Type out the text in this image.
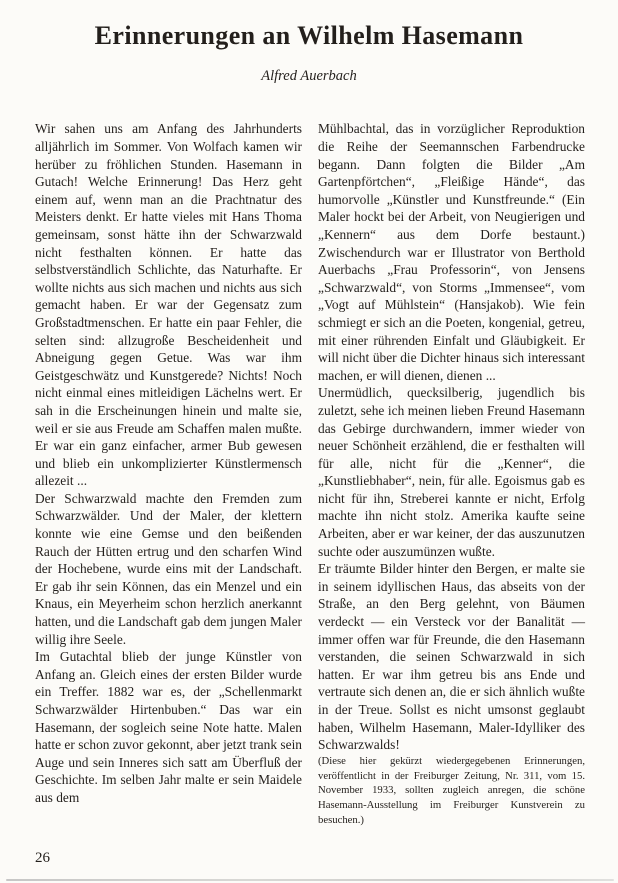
Erinnerungen an Wilhelm Hasemann
Alfred Auerbach

Wir sahen uns am Anfang des Jahrhunderts alljährlich im Sommer. Von Wolfach kamen wir herüber zu fröhlichen Stunden. Hasemann in Gutach! Welche Erinnerung! Das Herz geht einem auf, wenn man an die Prachtnatur des Meisters denkt. Er hatte vieles mit Hans Thoma gemeinsam, sonst hätte ihn der Schwarzwald nicht festhalten können. Er hatte das selbstverständlich Schlichte, das Naturhafte. Er wollte nichts aus sich machen und nichts aus sich gemacht haben. Er war der Gegensatz zum Großstadtmenschen. Er hatte ein paar Fehler, die selten sind: allzugroße Bescheidenheit und Abneigung gegen Getue. Was war ihm Geistgeschwätz und Kunstgerede? Nichts! Noch nicht einmal eines mitleidigen Lächelns wert. Er sah in die Erscheinungen hinein und malte sie, weil er sie aus Freude am Schaffen malen mußte. Er war ein ganz einfacher, armer Bub gewesen und blieb ein unkomplizierter Künstlermensch allezeit ...

Der Schwarzwald machte den Fremden zum Schwarzwälder. Und der Maler, der klettern konnte wie eine Gemse und den beißenden Rauch der Hütten ertrug und den scharfen Wind der Hochebene, wurde eins mit der Landschaft. Er gab ihr sein Können, das ein Menzel und ein Knaus, ein Meyerheim schon herzlich anerkannt hatten, und die Landschaft gab dem jungen Maler willig ihre Seele.

Im Gutachtal blieb der junge Künstler von Anfang an. Gleich eines der ersten Bilder wurde ein Treffer. 1882 war es, der „Schellenmarkt Schwarzwälder Hirtenbuben.“ Das war ein Hasemann, der sogleich seine Note hatte. Malen hatte er schon zuvor gekonnt, aber jetzt trank sein Auge und sein Inneres sich satt am Überfluß der Geschichte. Im selben Jahr malte er sein Maidele aus dem

Mühlbachtal, das in vorzüglicher Reproduktion die Reihe der Seemannschen Farbendrucke begann. Dann folgten die Bilder „Am Gartenpförtchen“, „Fleißige Hände“, das humorvolle „Künstler und Kunstfreunde.“ (Ein Maler hockt bei der Arbeit, von Neugierigen und „Kennern“ aus dem Dorfe bestaunt.) Zwischendurch war er Illustrator von Berthold Auerbachs „Frau Professorin“, von Jensens „Schwarzwald“, von Storms „Immensee“, vom „Vogt auf Mühlstein“ (Hansjakob). Wie fein schmiegt er sich an die Poeten, kongenial, getreu, mit einer rührenden Einfalt und Gläubigkeit. Er will nicht über die Dichter hinaus sich interessant machen, er will dienen, dienen ...

Unermüdlich, quecksilberig, jugendlich bis zuletzt, sehe ich meinen lieben Freund Hasemann das Gebirge durchwandern, immer wieder von neuer Schönheit erzählend, die er festhalten will für alle, nicht für die „Kenner“, die „Kunstliebhaber“, nein, für alle. Egoismus gab es nicht für ihn, Streberei kannte er nicht, Erfolg machte ihn nicht stolz. Amerika kaufte seine Arbeiten, aber er war keiner, der das auszunutzen suchte oder auszumünzen wußte.

Er träumte Bilder hinter den Bergen, er malte sie in seinem idyllischen Haus, das abseits von der Straße, an den Berg gelehnt, von Bäumen verdeckt — ein Versteck vor der Banalität — immer offen war für Freunde, die den Hasemann verstanden, die seinen Schwarzwald in sich hatten. Er war ihm getreu bis ans Ende und vertraute sich denen an, die er sich ähnlich wußte in der Treue. Sollst es nicht umsonst geglaubt haben, Wilhelm Hasemann, Maler-Idylliker des Schwarzwalds!

(Diese hier gekürzt wiedergegebenen Erinnerungen, veröffentlicht in der Freiburger Zeitung, Nr. 311, vom 15. November 1933, sollten zugleich anregen, die schöne Hasemann-Ausstellung im Freiburger Kunstverein zu besuchen.)

26
